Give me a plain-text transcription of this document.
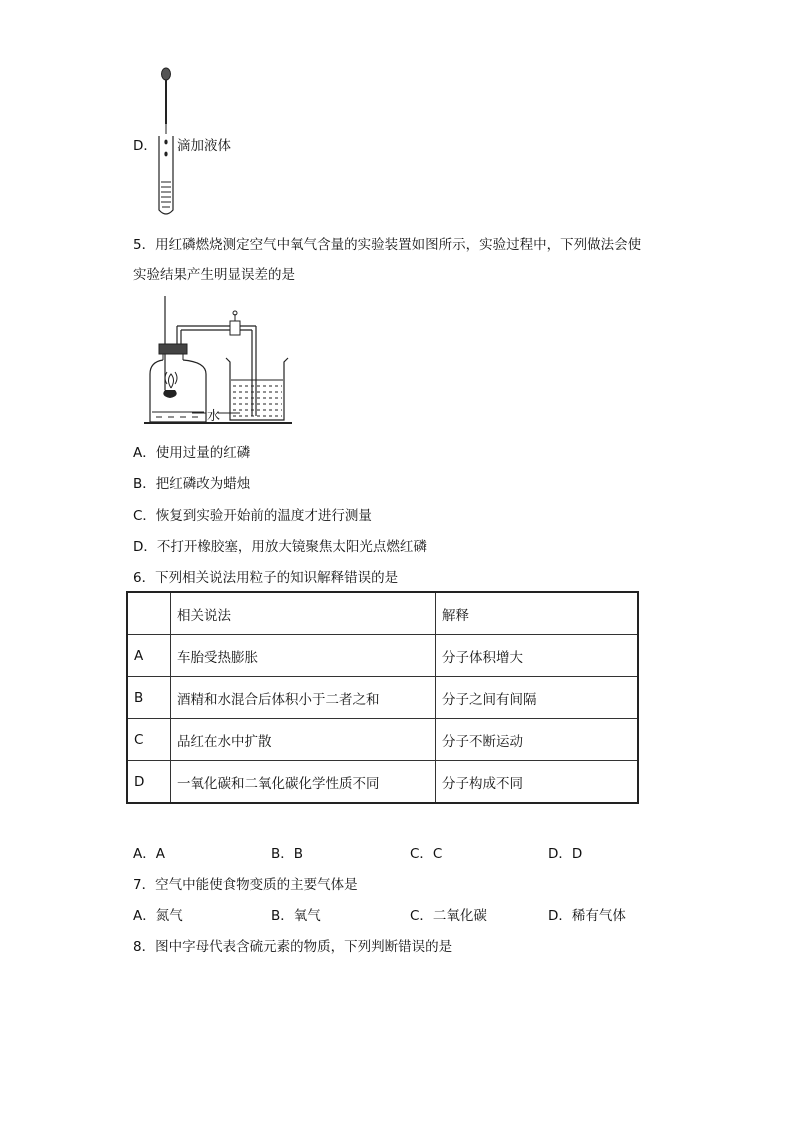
D． 滴加液体
5．用红磷燃烧测定空气中氧气含量的实验装置如图所示，实验过程中，下列做法会使
实验结果产生明显误差的是
水
A．使用过量的红磷
B．把红磷改为蜡烛
C．恢复到实验开始前的温度才进行测量
D．不打开橡胶塞，用放大镜聚焦太阳光点燃红磷
6．下列相关说法用粒子的知识解释错误的是
	相关说法	解释
A	车胎受热膨胀	分子体积增大
B	酒精和水混合后体积小于二者之和	分子之间有间隔
C	品红在水中扩散	分子不断运动
D	一氧化碳和二氧化碳化学性质不同	分子构成不同
A．A	B．B	C．C	D．D
7．空气中能使食物变质的主要气体是
A．氮气	B．氧气	C．二氧化碳	D．稀有气体
8．图中字母代表含硫元素的物质，下列判断错误的是
